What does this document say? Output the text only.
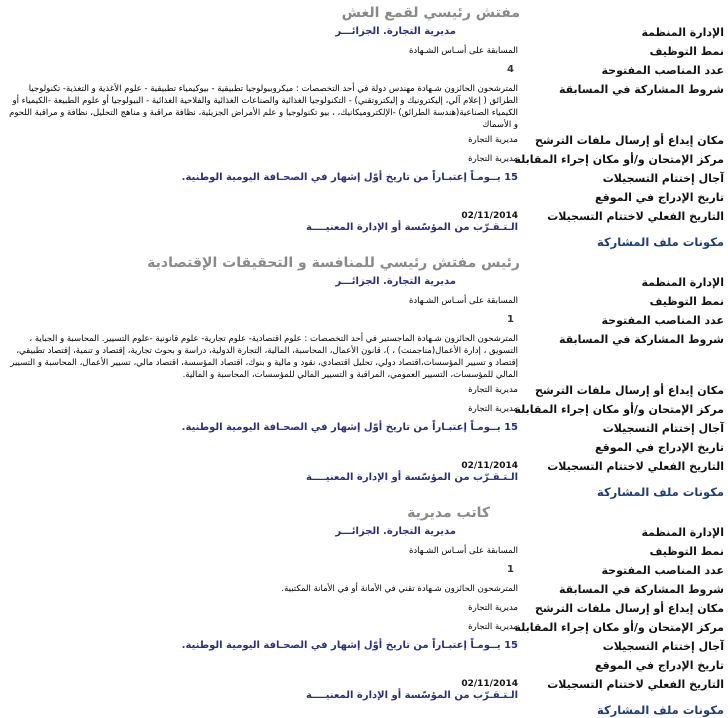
مفتش رئيسي لقمع الغش
الإدارة المنظمة
مديرية التجارة. الجزائـــر
نمط التوظيف
المسابقة على أسـاس الشـهادة
عدد المناصب المفتوحة
4
شروط المشاركة في المسابقة
المترشحون الحائزون شـهادة مهندس دولة في أحد التخصصات : ميكروبيولوجيا تطبيقية - بيوكيمياء تطبيقية - علوم الأغذية و التغذية- تكنولوجيا الطرائق ( إعلام آلي، إليكترونيك و إليكتروتقني) - التكنولوجيا الغذائية والصناعات الغذائية والفلاحية الغذائية - البيولوجيا أو علوم الطبيعة -الكيمياء أو الكيمياء الصناعية(هندسة الطرائق) -الإلكتروميكانيك، ، بيو تكنولوجيا و علم الأمراض الجزيئية، نظافة مراقبة و مناهج التحليل، نظافة و مراقبة اللحوم و الأسماك
مكان إيداع أو إرسال ملفات الترشح
مديرية التجارة
مركز الإمتحان و/أو مكان إجراء المقابلة
مديرية التجارة
آجال إختتام التسجيلات
15 يــومـاً إعتبـاراً من تاريخ أوّل إشهار في الصحـافة اليومية الوطنية.
تاريخ الإدراج في الموقع
التاريخ الفعلي لاختتام التسجيلات
02/11/2014
الـتـقـرّب من المؤسّسة أو الإدارة المعنيــــة
مكونات ملف المشاركة
رئيس مفتش رئيسي للمنافسة و التحقيقات الإقتصادية
الإدارة المنظمة
مديرية التجارة. الجزائـــر
نمط التوظيف
المسابقة على أسـاس الشـهادة
عدد المناصب المفتوحة
1
شروط المشاركة في المسابقة
المترشحون الحائزون شـهادة الماجستير في أحد التخصصات : علوم اقتصادية- علوم تجارية- علوم قانونية -علوم التسيير. المحاسبة و الجباية ، التسويق ، إدارة الأعمال(مناجمنت) ، )، قانون الأعمال، المحاسبة، المالية، التجارة الدولية، دراسة و بحوث تجارية، إقتصاد و تنمية، إقتصاد تطبيقي، إقتصاد و تسيير المؤسسات،اقتصاد دولي، تحليل اقتصادي، نقود و مالية و بنوك، اقتصاد المؤسسة، اقتصاد مالي، تسيير الأعمال، المحاسبة و التسيير المالي للمؤسسات، التسيير العمومي، المراقبة و التسيير المالي للمؤسسات، المحاسبة و المالية.
مكان إيداع أو إرسال ملفات الترشح
مديرية التجارة
مركز الإمتحان و/أو مكان إجراء المقابلة
مديرية التجارة
آجال إختتام التسجيلات
15 يــومـاً إعتبـاراً من تاريخ أوّل إشهار في الصحـافة اليومية الوطنية.
تاريخ الإدراج في الموقع
التاريخ الفعلي لاختتام التسجيلات
02/11/2014
الـتـقـرّب من المؤسّسة أو الإدارة المعنيــــة
مكونات ملف المشاركة
كاتب مديرية
الإدارة المنظمة
مديرية التجارة. الجزائـــر
نمط التوظيف
المسابقة على أسـاس الشـهادة
عدد المناصب المفتوحة
1
شروط المشاركة في المسابقة
المترشحون الحائزون شـهادة تقني في الأمانة أو في الأمانة المكتبية.
مكان إيداع أو إرسال ملفات الترشح
مديرية التجارة
مركز الإمتحان و/أو مكان إجراء المقابلة
مديرية التجارة
آجال إختتام التسجيلات
15 يــومـاً إعتبـاراً من تاريخ أوّل إشهار في الصحـافة اليومية الوطنية.
تاريخ الإدراج في الموقع
التاريخ الفعلي لاختتام التسجيلات
02/11/2014
الـتـقـرّب من المؤسّسة أو الإدارة المعنيــــة
مكونات ملف المشاركة
